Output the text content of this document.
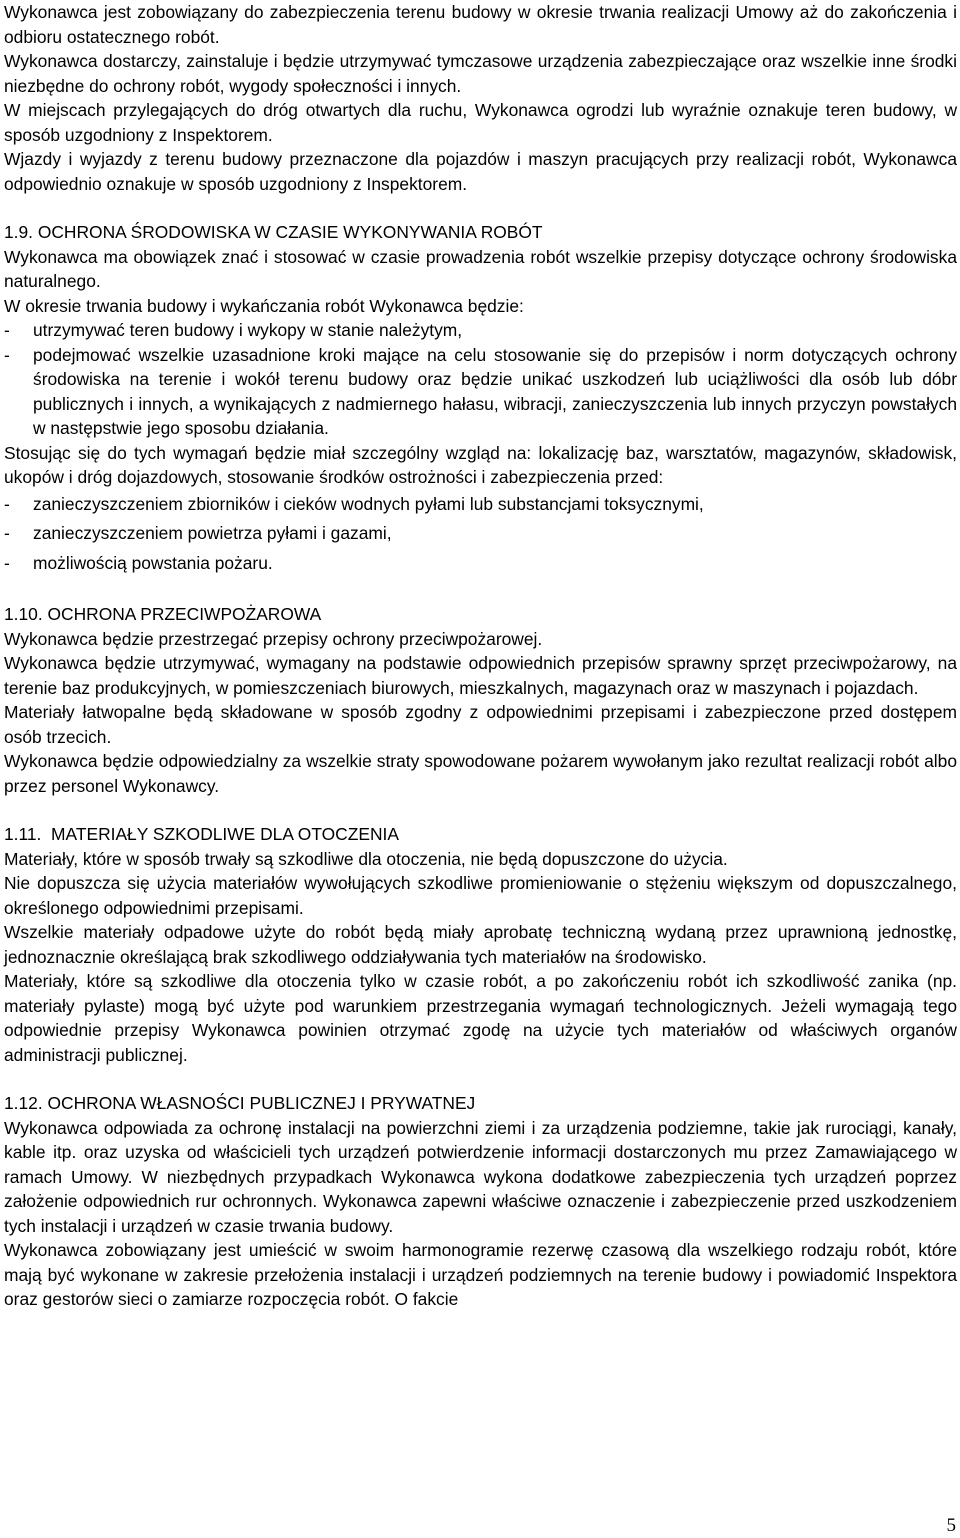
Wykonawca jest zobowiązany do zabezpieczenia terenu budowy w okresie trwania realizacji Umowy aż do zakończenia i odbioru ostatecznego robót.

Wykonawca dostarczy, zainstaluje i będzie utrzymywać tymczasowe urządzenia zabezpieczające oraz wszelkie inne środki niezbędne do ochrony robót, wygody społeczności i innych.

W miejscach przylegających do dróg otwartych dla ruchu, Wykonawca ogrodzi lub wyraźnie oznakuje teren budowy, w sposób uzgodniony z Inspektorem.

Wjazdy i wyjazdy z terenu budowy przeznaczone dla pojazdów i maszyn pracujących przy realizacji robót, Wykonawca odpowiednio oznakuje w sposób uzgodniony z Inspektorem.

1.9. OCHRONA ŚRODOWISKA W CZASIE WYKONYWANIA ROBÓT

Wykonawca ma obowiązek znać i stosować w czasie prowadzenia robót wszelkie przepisy dotyczące ochrony środowiska naturalnego.

W okresie trwania budowy i wykańczania robót Wykonawca będzie:

- utrzymywać teren budowy i wykopy w stanie należytym,
- podejmować wszelkie uzasadnione kroki mające na celu stosowanie się do przepisów i norm dotyczących ochrony środowiska na terenie i wokół terenu budowy oraz będzie unikać uszkodzeń lub uciążliwości dla osób lub dóbr publicznych i innych, a wynikających z nadmiernego hałasu, wibracji, zanieczyszczenia lub innych przyczyn powstałych w następstwie jego sposobu działania.

Stosując się do tych wymagań będzie miał szczególny wzgląd na: lokalizację baz, warsztatów, magazynów, składowisk, ukopów i dróg dojazdowych, stosowanie środków ostrożności i zabezpieczenia przed:

- zanieczyszczeniem zbiorników i cieków wodnych pyłami lub substancjami toksycznymi,
- zanieczyszczeniem powietrza pyłami i gazami,
- możliwością powstania pożaru.
1.10. OCHRONA PRZECIWPOŻAROWA

Wykonawca będzie przestrzegać przepisy ochrony przeciwpożarowej.

Wykonawca będzie utrzymywać, wymagany na podstawie odpowiednich przepisów sprawny sprzęt przeciwpożarowy, na terenie baz produkcyjnych, w pomieszczeniach biurowych, mieszkalnych, magazynach oraz w maszynach i pojazdach.

Materiały łatwopalne będą składowane w sposób zgodny z odpowiednimi przepisami i zabezpieczone przed dostępem osób trzecich.

Wykonawca będzie odpowiedzialny za wszelkie straty spowodowane pożarem wywołanym jako rezultat realizacji robót albo przez personel Wykonawcy.

1.11.  MATERIAŁY SZKODLIWE DLA OTOCZENIA

Materiały, które w sposób trwały są szkodliwe dla otoczenia, nie będą dopuszczone do użycia.

Nie dopuszcza się użycia materiałów wywołujących szkodliwe promieniowanie o stężeniu większym od dopuszczalnego, określonego odpowiednimi przepisami.

Wszelkie materiały odpadowe użyte do robót będą miały aprobatę techniczną wydaną przez uprawnioną jednostkę, jednoznacznie określającą brak szkodliwego oddziaływania tych materiałów na środowisko.

Materiały, które są szkodliwe dla otoczenia tylko w czasie robót, a po zakończeniu robót ich szkodliwość zanika (np. materiały pylaste) mogą być użyte pod warunkiem przestrzegania wymagań technologicznych. Jeżeli wymagają tego odpowiednie przepisy Wykonawca powinien otrzymać zgodę na użycie tych materiałów od właściwych organów administracji publicznej.

1.12. OCHRONA WŁASNOŚCI PUBLICZNEJ I PRYWATNEJ

Wykonawca odpowiada za ochronę instalacji na powierzchni ziemi i za urządzenia podziemne, takie jak rurociągi, kanały, kable itp. oraz uzyska od właścicieli tych urządzeń potwierdzenie informacji dostarczonych mu przez Zamawiającego w ramach Umowy. W niezbędnych przypadkach Wykonawca wykona dodatkowe zabezpieczenia tych urządzeń poprzez założenie odpowiednich rur ochronnych. Wykonawca zapewni właściwe oznaczenie i zabezpieczenie przed uszkodzeniem tych instalacji i urządzeń w czasie trwania budowy.

Wykonawca zobowiązany jest umieścić w swoim harmonogramie rezerwę czasową dla wszelkiego rodzaju robót, które mają być wykonane w zakresie przełożenia instalacji i urządzeń podziemnych na terenie budowy i powiadomić Inspektora oraz gestorów sieci o zamiarze rozpoczęcia robót. O fakcie

5
